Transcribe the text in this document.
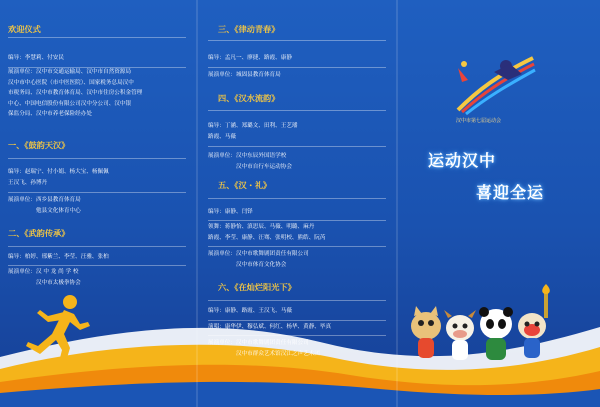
欢迎仪式
编导：李慧莉、付安民
展演单位：汉中市交通运输局、汉中市自然资源局
汉中市中心医院（市中医医院）、国家税务总局汉中
市税务局、汉中市教育体育局、汉中市住房公积金管理
中心、中国电信股份有限公司汉中分公司、汉中银
保监分局、汉中市养老保险经办处
一、《鼓韵天汉》
编导：赵瑞宁、付小娟、杨大宝、杨佩佩
王汉飞、孙博丹
展演单位：西乡县教育体育局
　　　　　勉县文化体育中心
二、《武韵传承》
编导：柏婷、邢紫兰、李莹、汪雅、张柏
展演单位：汉 中 龙 尚 学 校
　　　　　汉中市太极拳协会
三、《律动青春》
编导：孟凡一、廖捷、路霞、康静
展演单位：城固县教育体育局
四、《汉水流韵》
编导：丁涵、郑璐文、田利、王艺璠
路霞、马薇
展演单位：汉中东辰外国语学校
　　　　　汉中市自行车运动协会
五、《汉・礼》
编导：康静、闫铎
领舞：蒋静怡、滇思辰、马薇、明璐、麻丹
路霞、李莹、康静、汪骞、张明校、熊皓、阮芮
展演单位：汉中市歌舞剧团责任有限公司
　　　　　汉中市体育文化协会
六、《在灿烂阳光下》
编导：康静、路霞、王汉飞、马薇
演唱：康华伊、穆弘斌、何红、杨华、黄静、毕真
展演单位：汉中市歌舞剧团责任有限公司
　　　　　汉中市群众艺术馆汉江之声艺术团
汉中市第七届运动会
运动汉中
喜迎全运
